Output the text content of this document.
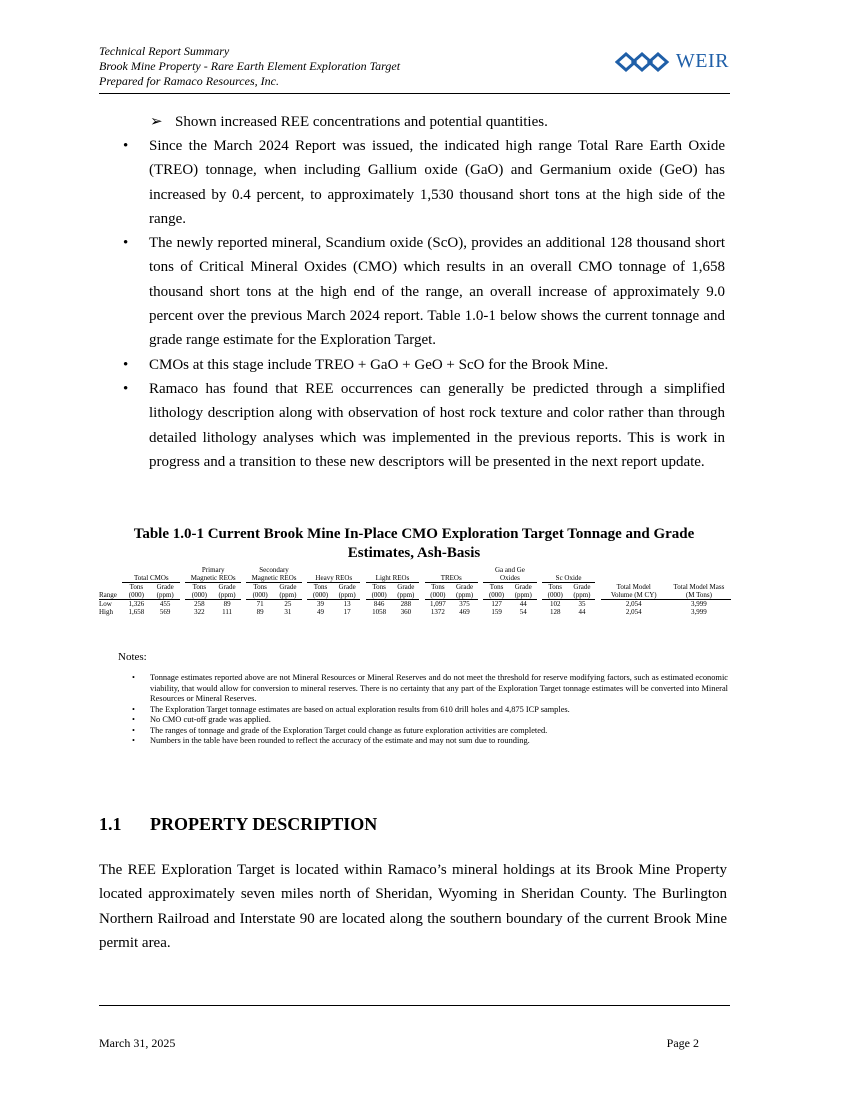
Technical Report Summary
Brook Mine Property - Rare Earth Element Exploration Target
Prepared for Ramaco Resources, Inc.
WEIR
➢ Shown increased REE concentrations and potential quantities.
• Since the March 2024 Report was issued, the indicated high range Total Rare Earth Oxide (TREO) tonnage, when including Gallium oxide (GaO) and Germanium oxide (GeO) has increased by 0.4 percent, to approximately 1,530 thousand short tons at the high side of the range.
• The newly reported mineral, Scandium oxide (ScO), provides an additional 128 thousand short tons of Critical Mineral Oxides (CMO) which results in an overall CMO tonnage of 1,658 thousand short tons at the high end of the range, an overall increase of approximately 9.0 percent over the previous March 2024 report. Table 1.0-1 below shows the current tonnage and grade range estimate for the Exploration Target.
• CMOs at this stage include TREO + GaO + GeO + ScO for the Brook Mine.
• Ramaco has found that REE occurrences can generally be predicted through a simplified lithology description along with observation of host rock texture and color rather than through detailed lithology analyses which was implemented in the previous reports. This is work in progress and a transition to these new descriptors will be presented in the next report update.
Table 1.0-1 Current Brook Mine In-Place CMO Exploration Target Tonnage and Grade
Estimates, Ash-Basis
				Primary			Secondary												Ga and Ge							
	Total CMOs			Magnetic REOs			Magnetic REOs			Heavy REOs			Light REOs			TREOs			Oxides			Sc Oxide				
	Tons	Grade		Tons	Grade		Tons	Grade		Tons	Grade		Tons	Grade		Tons	Grade		Tons	Grade		Tons	Grade		Total Model	Total Model Mass
Range	(000)	(ppm)		(000)	(ppm)		(000)	(ppm)		(000)	(ppm)		(000)	(ppm)		(000)	(ppm)		(000)	(ppm)		(000)	(ppm)		Volume (M CY)	(M Tons)
Low	1,326	455		258	89		71	25		39	13		846	288		1,097	375		127	44		102	35		2,054	3,999
High	1,658	569		322	111		89	31		49	17		1058	360		1372	469		159	54		128	44		2,054	3,999
Notes:
• Tonnage estimates reported above are not Mineral Resources or Mineral Reserves and do not meet the threshold for reserve modifying factors, such as estimated economic viability, that would allow for conversion to mineral reserves. There is no certainty that any part of the Exploration Target tonnage estimates will be converted into Mineral Resources or Mineral Reserves.
• The Exploration Target tonnage estimates are based on actual exploration results from 610 drill holes and 4,875 ICP samples.
• No CMO cut-off grade was applied.
• The ranges of tonnage and grade of the Exploration Target could change as future exploration activities are completed.
• Numbers in the table have been rounded to reflect the accuracy of the estimate and may not sum due to rounding.
1.1 PROPERTY DESCRIPTION
The REE Exploration Target is located within Ramaco’s mineral holdings at its Brook Mine Property located approximately seven miles north of Sheridan, Wyoming in Sheridan County. The Burlington Northern Railroad and Interstate 90 are located along the southern boundary of the current Brook Mine permit area.
March 31, 2025	Page 2
